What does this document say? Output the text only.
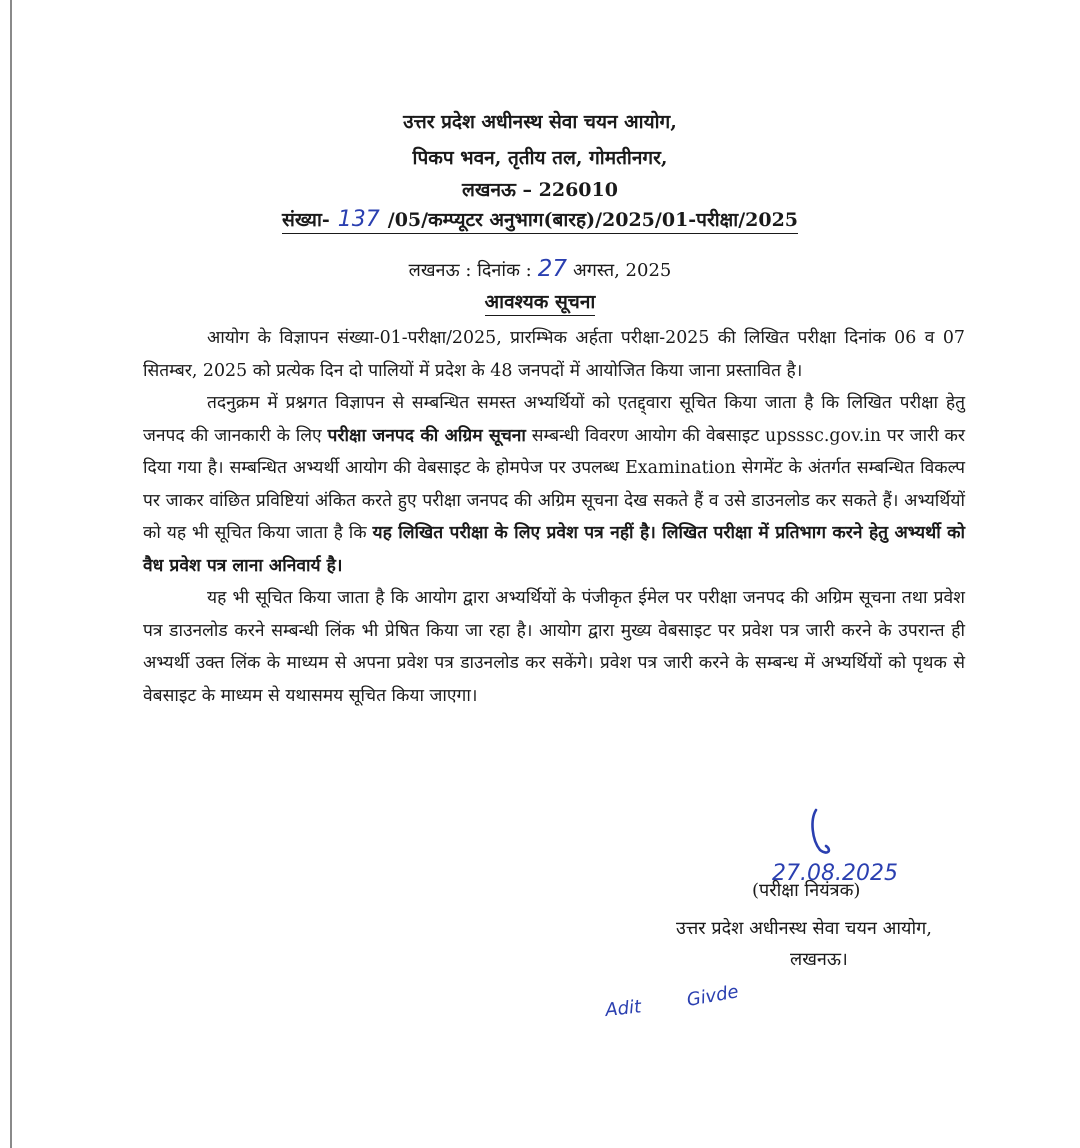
उत्तर प्रदेश अधीनस्थ सेवा चयन आयोग,
पिकप भवन, तृतीय तल, गोमतीनगर,
लखनऊ – 226010
संख्या- 137 /05/कम्प्यूटर अनुभाग(बारह)/2025/01-परीक्षा/2025
लखनऊ : दिनांक : 27 अगस्त, 2025
आवश्यक सूचना

आयोग के विज्ञापन संख्या-01-परीक्षा/2025, प्रारम्भिक अर्हता परीक्षा-2025 की लिखित परीक्षा दिनांक 06 व 07 सितम्बर, 2025 को प्रत्येक दिन दो पालियों में प्रदेश के 48 जनपदों में आयोजित किया जाना प्रस्तावित है।

तदनुक्रम में प्रश्नगत विज्ञापन से सम्बन्धित समस्त अभ्यर्थियों को एतद्द्वारा सूचित किया जाता है कि लिखित परीक्षा हेतु जनपद की जानकारी के लिए परीक्षा जनपद की अग्रिम सूचना सम्बन्धी विवरण आयोग की वेबसाइट upsssc.gov.in पर जारी कर दिया गया है। सम्बन्धित अभ्यर्थी आयोग की वेबसाइट के होमपेज पर उपलब्ध Examination सेगमेंट के अंतर्गत सम्बन्धित विकल्प पर जाकर वांछित प्रविष्टियां अंकित करते हुए परीक्षा जनपद की अग्रिम सूचना देख सकते हैं व उसे डाउनलोड कर सकते हैं। अभ्यर्थियों को यह भी सूचित किया जाता है कि यह लिखित परीक्षा के लिए प्रवेश पत्र नहीं है। लिखित परीक्षा में प्रतिभाग करने हेतु अभ्यर्थी को वैध प्रवेश पत्र लाना अनिवार्य है।

यह भी सूचित किया जाता है कि आयोग द्वारा अभ्यर्थियों के पंजीकृत ईमेल पर परीक्षा जनपद की अग्रिम सूचना तथा प्रवेश पत्र डाउनलोड करने सम्बन्धी लिंक भी प्रेषित किया जा रहा है। आयोग द्वारा मुख्य वेबसाइट पर प्रवेश पत्र जारी करने के उपरान्त ही अभ्यर्थी उक्त लिंक के माध्यम से अपना प्रवेश पत्र डाउनलोड कर सकेंगे। प्रवेश पत्र जारी करने के सम्बन्ध में अभ्यर्थियों को पृथक से वेबसाइट के माध्यम से यथासमय सूचित किया जाएगा।

27.08.2025
(परीक्षा नियंत्रक)
उत्तर प्रदेश अधीनस्थ सेवा चयन आयोग,
लखनऊ।
Adit Givde
